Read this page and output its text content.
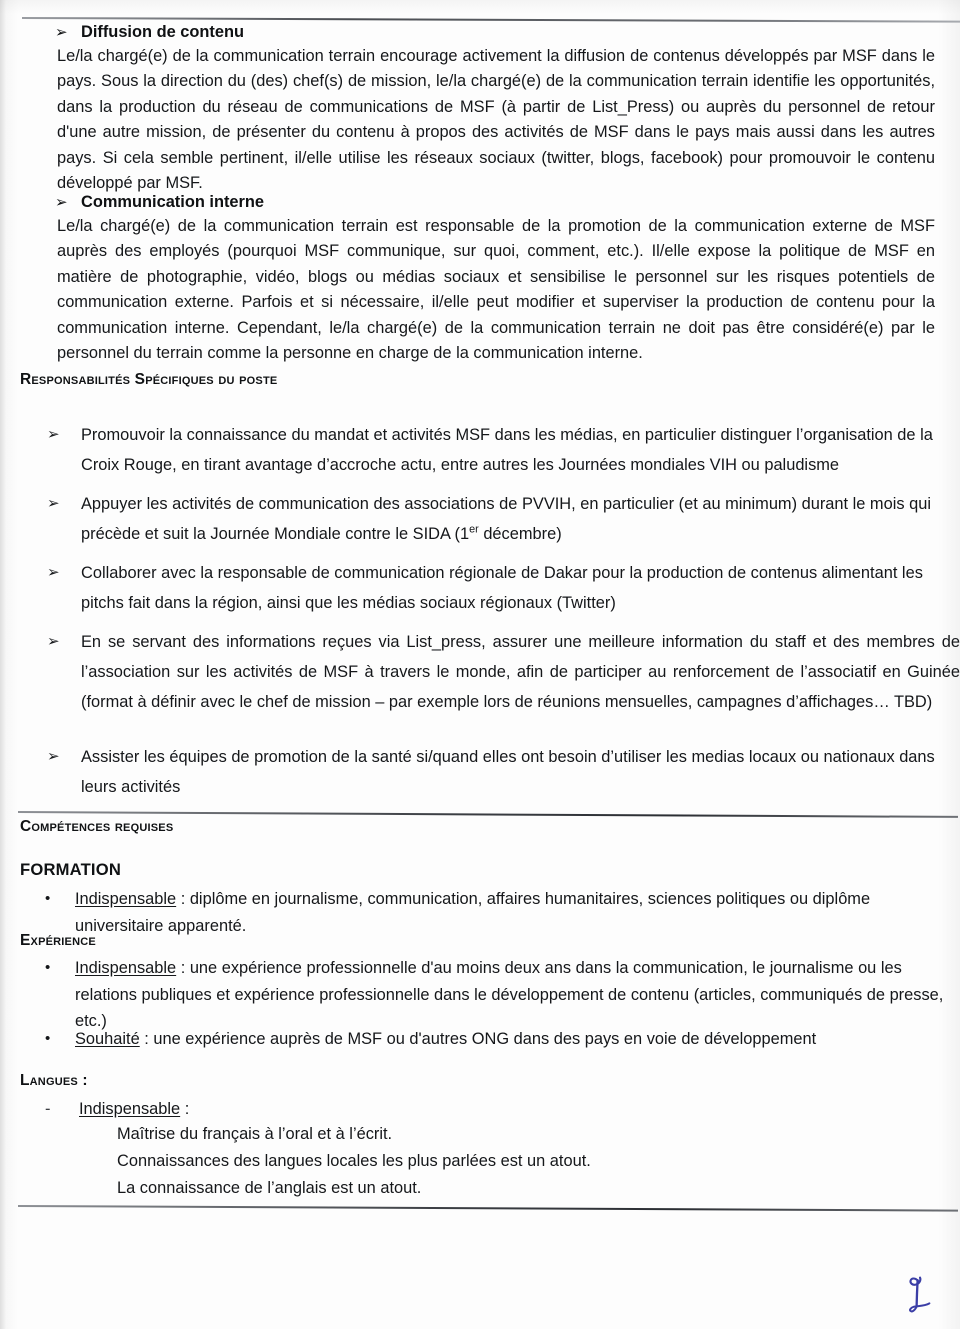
➢ Diffusion de contenu
Le/la chargé(e) de la communication terrain encourage activement la diffusion de contenus développés par MSF dans le pays. Sous la direction du (des) chef(s) de mission, le/la chargé(e) de la communication terrain identifie les opportunités, dans la production du réseau de communications de MSF (à partir de List_Press) ou auprès du personnel de retour d'une autre mission, de présenter du contenu à propos des activités de MSF dans le pays mais aussi dans les autres pays. Si cela semble pertinent, il/elle utilise les réseaux sociaux (twitter, blogs, facebook) pour promouvoir le contenu développé par MSF.
➢ Communication interne
Le/la chargé(e) de la communication terrain est responsable de la promotion de la communication externe de MSF auprès des employés (pourquoi MSF communique, sur quoi, comment, etc.). Il/elle expose la politique de MSF en matière de photographie, vidéo, blogs ou médias sociaux et sensibilise le personnel sur les risques potentiels de communication externe. Parfois et si nécessaire, il/elle peut modifier et superviser la production de contenu pour la communication interne. Cependant, le/la chargé(e) de la communication terrain ne doit pas être considéré(e) par le personnel du terrain comme la personne en charge de la communication interne.
Responsabilités Spécifiques du poste
➢	Promouvoir la connaissance du mandat et activités MSF dans les médias, en particulier distinguer l’organisation de la Croix Rouge, en tirant avantage d’accroche actu, entre autres les Journées mondiales VIH ou paludisme
➢	Appuyer les activités de communication des associations de PVVIH, en particulier (et au minimum) durant le mois qui précède et suit la Journée Mondiale contre le SIDA (1er décembre)
➢	Collaborer avec la responsable de communication régionale de Dakar pour la production de contenus alimentant les pitchs fait dans la région, ainsi que les médias sociaux régionaux (Twitter)
➢	En se servant des informations reçues via List_press, assurer une meilleure information du staff et des membres de l’association sur les activités de MSF à travers le monde, afin de participer au renforcement de l’associatif en Guinée (format à définir avec le chef de mission – par exemple lors de réunions mensuelles, campagnes d’affichages… TBD)
➢	Assister les équipes de promotion de la santé si/quand elles ont besoin d’utiliser les medias locaux ou nationaux dans leurs activités
Compétences requises
FORMATION
•	Indispensable : diplôme en journalisme, communication, affaires humanitaires, sciences politiques ou diplôme universitaire apparenté.
Expérience
•	Indispensable : une expérience professionnelle d'au moins deux ans dans la communication, le journalisme ou les relations publiques et expérience professionnelle dans le développement de contenu (articles, communiqués de presse, etc.)
•	Souhaité : une expérience auprès de MSF ou d'autres ONG dans des pays en voie de développement
Langues :
-	Indispensable :
Maîtrise du français à l’oral et à l’écrit.
Connaissances des langues locales les plus parlées est un atout.
La connaissance de l’anglais est un atout.
